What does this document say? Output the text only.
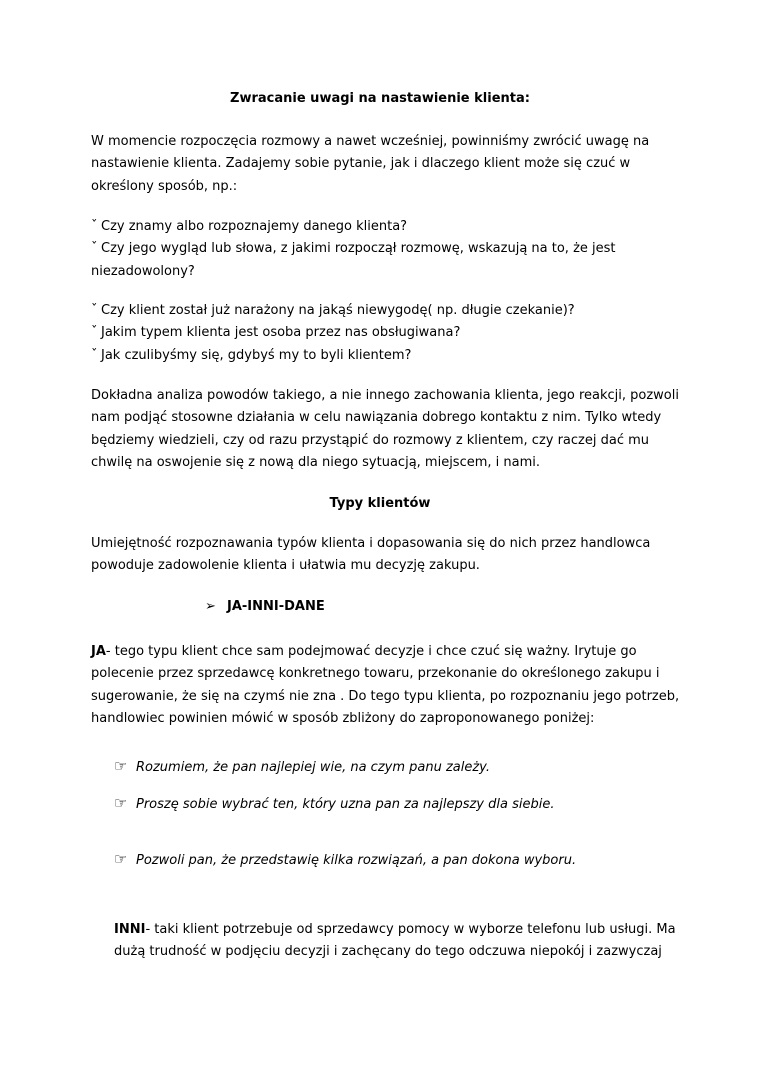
Zwracanie uwagi na nastawienie klienta:
W momencie rozpoczęcia rozmowy a nawet wcześniej, powinniśmy zwrócić uwagę na
nastawienie klienta. Zadajemy sobie pytanie, jak i dlaczego klient może się czuć w
określony sposób, np.:
ˇ Czy znamy albo rozpoznajemy danego klienta?
ˇ Czy jego wygląd lub słowa, z jakimi rozpoczął rozmowę, wskazują na to, że jest
niezadowolony?
ˇ Czy klient został już narażony na jakąś niewygodę( np. długie czekanie)?
ˇ Jakim typem klienta jest osoba przez nas obsługiwana?
ˇ Jak czulibyśmy się, gdybyś my to byli klientem?
Dokładna analiza powodów takiego, a nie innego zachowania klienta, jego reakcji, pozwoli
nam podjąć stosowne działania w celu nawiązania dobrego kontaktu z nim. Tylko wtedy
będziemy wiedzieli, czy od razu przystąpić do rozmowy z klientem, czy raczej dać mu
chwilę na oswojenie się z nową dla niego sytuacją, miejscem, i nami.
Typy klientów
Umiejętność rozpoznawania typów klienta i dopasowania się do nich przez handlowca
powoduje zadowolenie klienta i ułatwia mu decyzję zakupu.
➢ JA-INNI-DANE
JA- tego typu klient chce sam podejmować decyzje i chce czuć się ważny. Irytuje go
polecenie przez sprzedawcę konkretnego towaru, przekonanie do określonego zakupu i
sugerowanie, że się na czymś nie zna . Do tego typu klienta, po rozpoznaniu jego potrzeb,
handlowiec powinien mówić w sposób zbliżony do zaproponowanego poniżej:
☞ Rozumiem, że pan najlepiej wie, na czym panu zależy.
☞ Proszę sobie wybrać ten, który uzna pan za najlepszy dla siebie.
☞ Pozwoli pan, że przedstawię kilka rozwiązań, a pan dokona wyboru.
INNI- taki klient potrzebuje od sprzedawcy pomocy w wyborze telefonu lub usługi. Ma
dużą trudność w podjęciu decyzji i zachęcany do tego odczuwa niepokój i zazwyczaj
